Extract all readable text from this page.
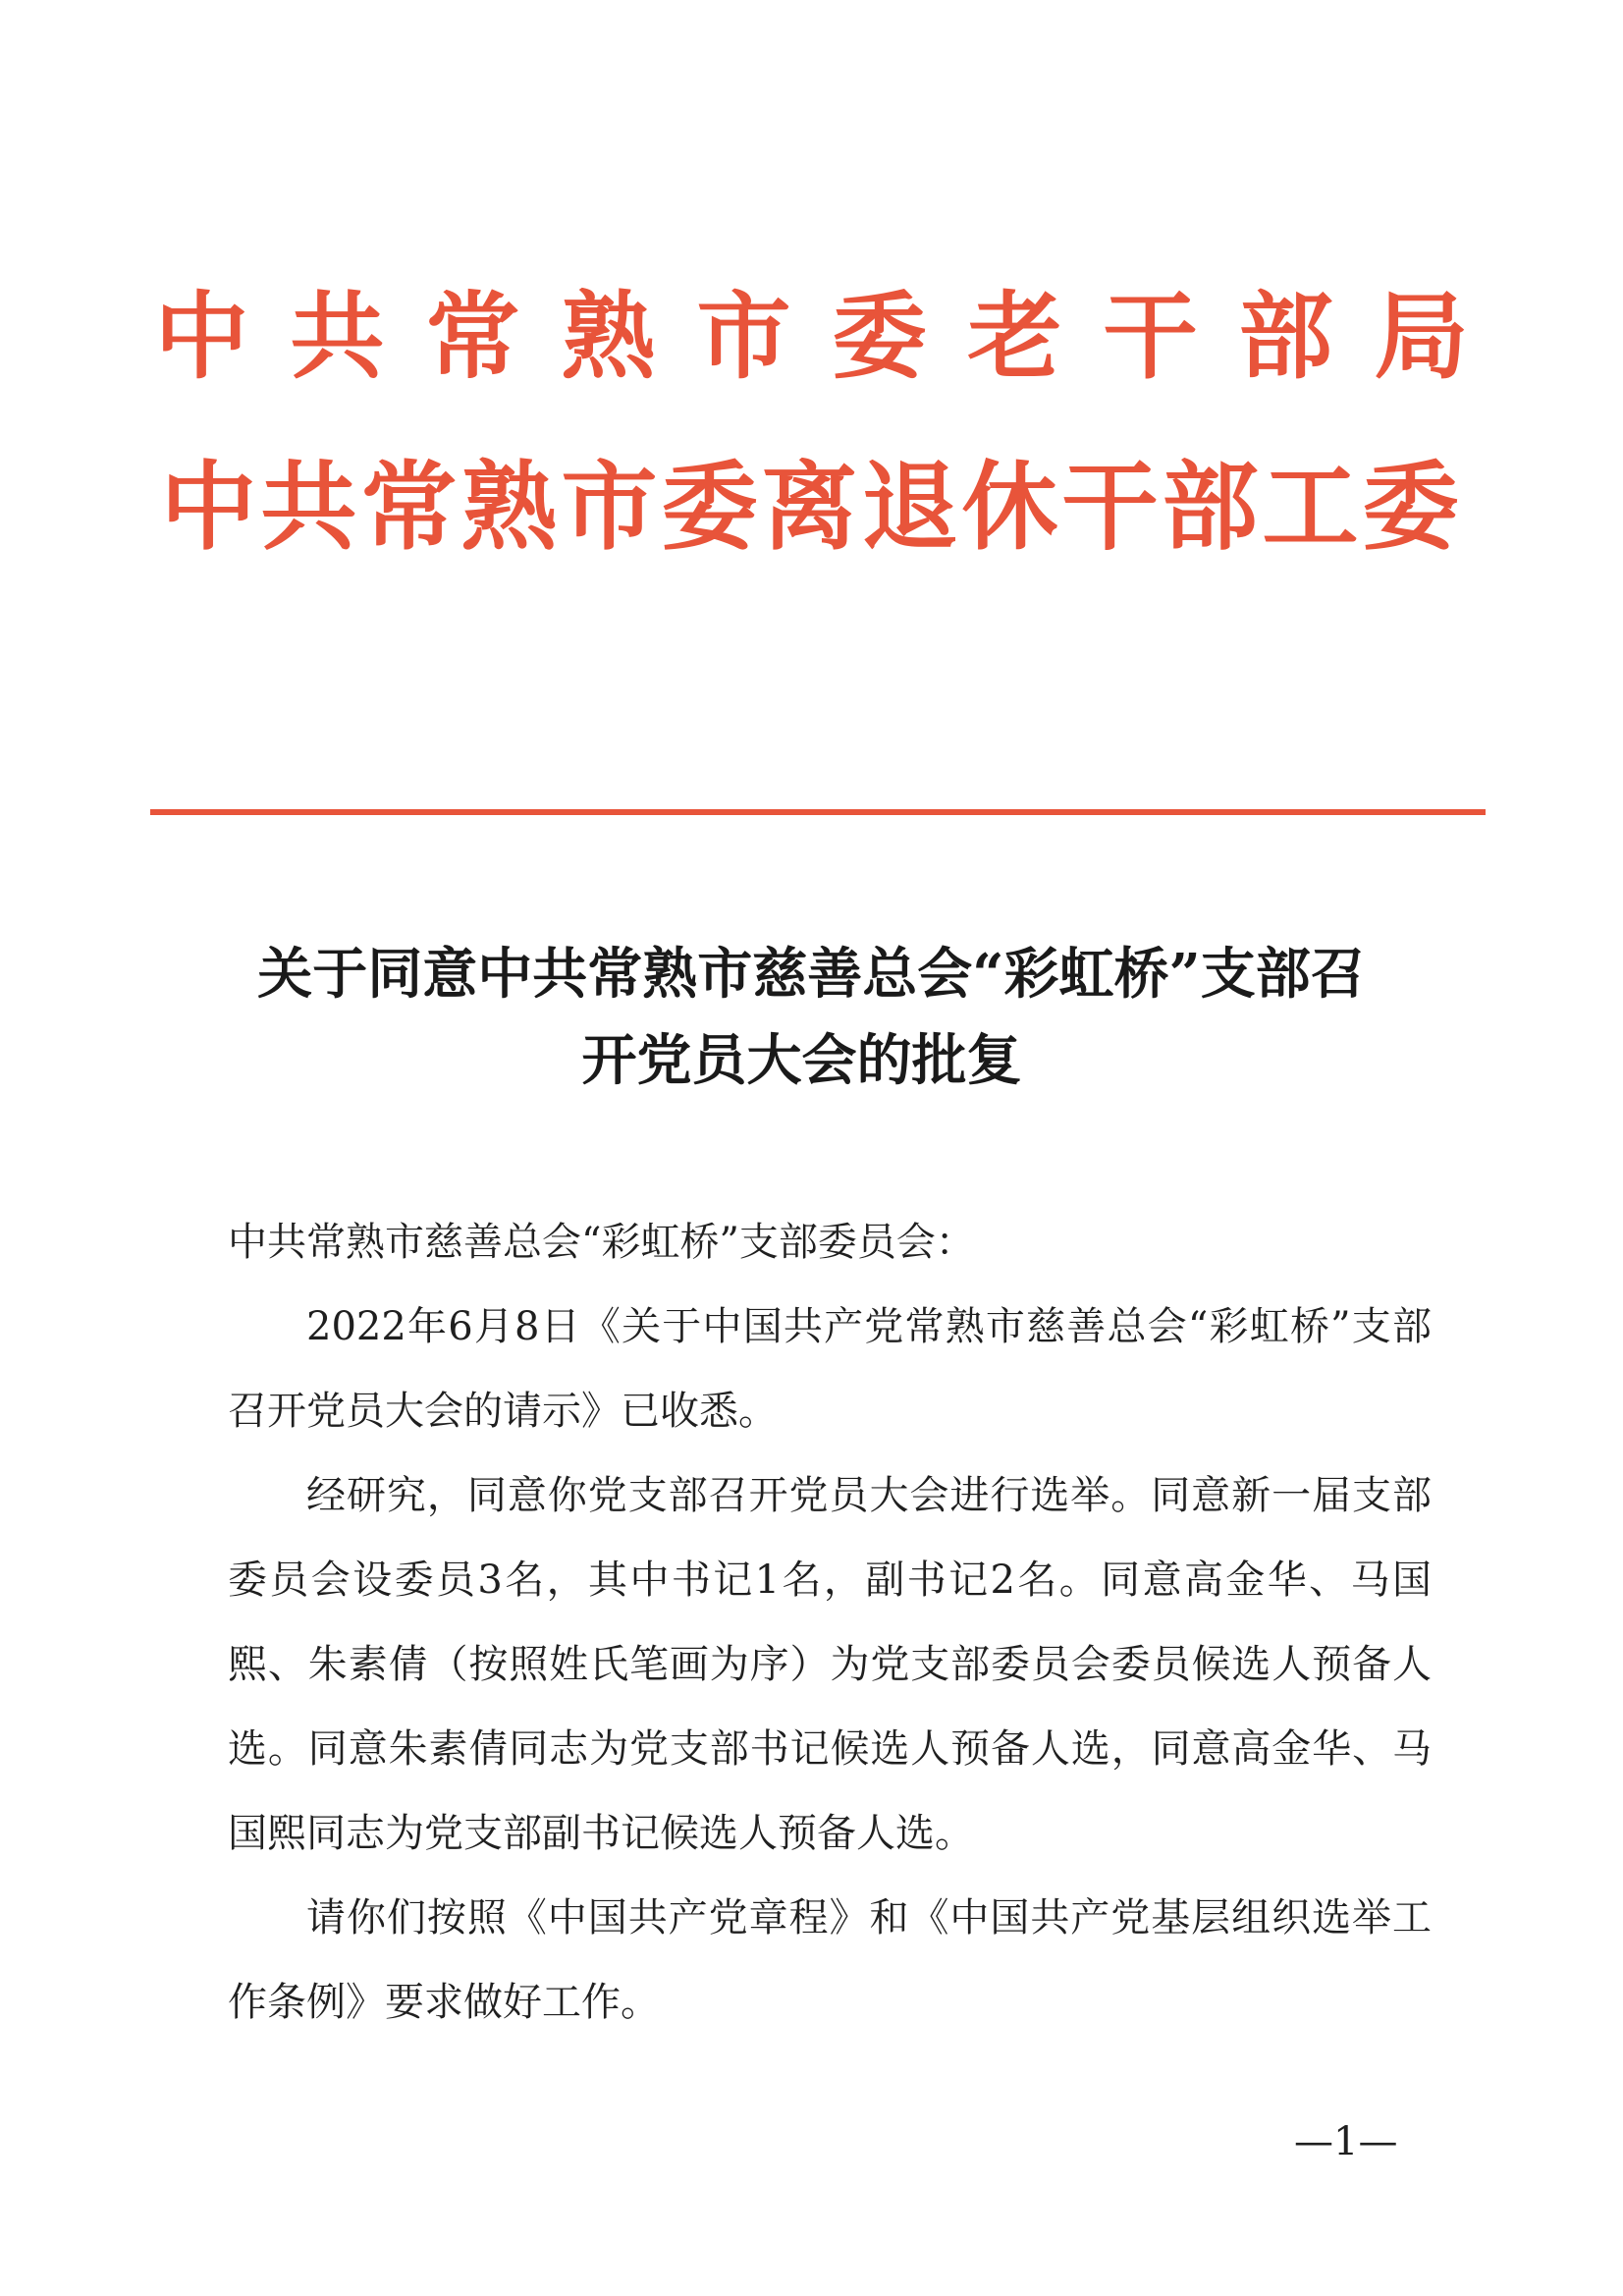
中共常熟市委老干部局
中共常熟市委离退休干部工委
关于同意中共常熟市慈善总会“彩虹桥”支部召
开党员大会的批复

中共常熟市慈善总会“彩虹桥”支部委员会：

2022年6月8日《关于中国共产党常熟市慈善总会“彩虹桥”支部召开党员大会的请示》已收悉。

经研究，同意你党支部召开党员大会进行选举。同意新一届支部委员会设委员3名，其中书记1名，副书记2名。同意高金华、马国熙、朱素倩（按照姓氏笔画为序）为党支部委员会委员候选人预备人选。同意朱素倩同志为党支部书记候选人预备人选，同意高金华、马国熙同志为党支部副书记候选人预备人选。

请你们按照《中国共产党章程》和《中国共产党基层组织选举工作条例》要求做好工作。

—1—
